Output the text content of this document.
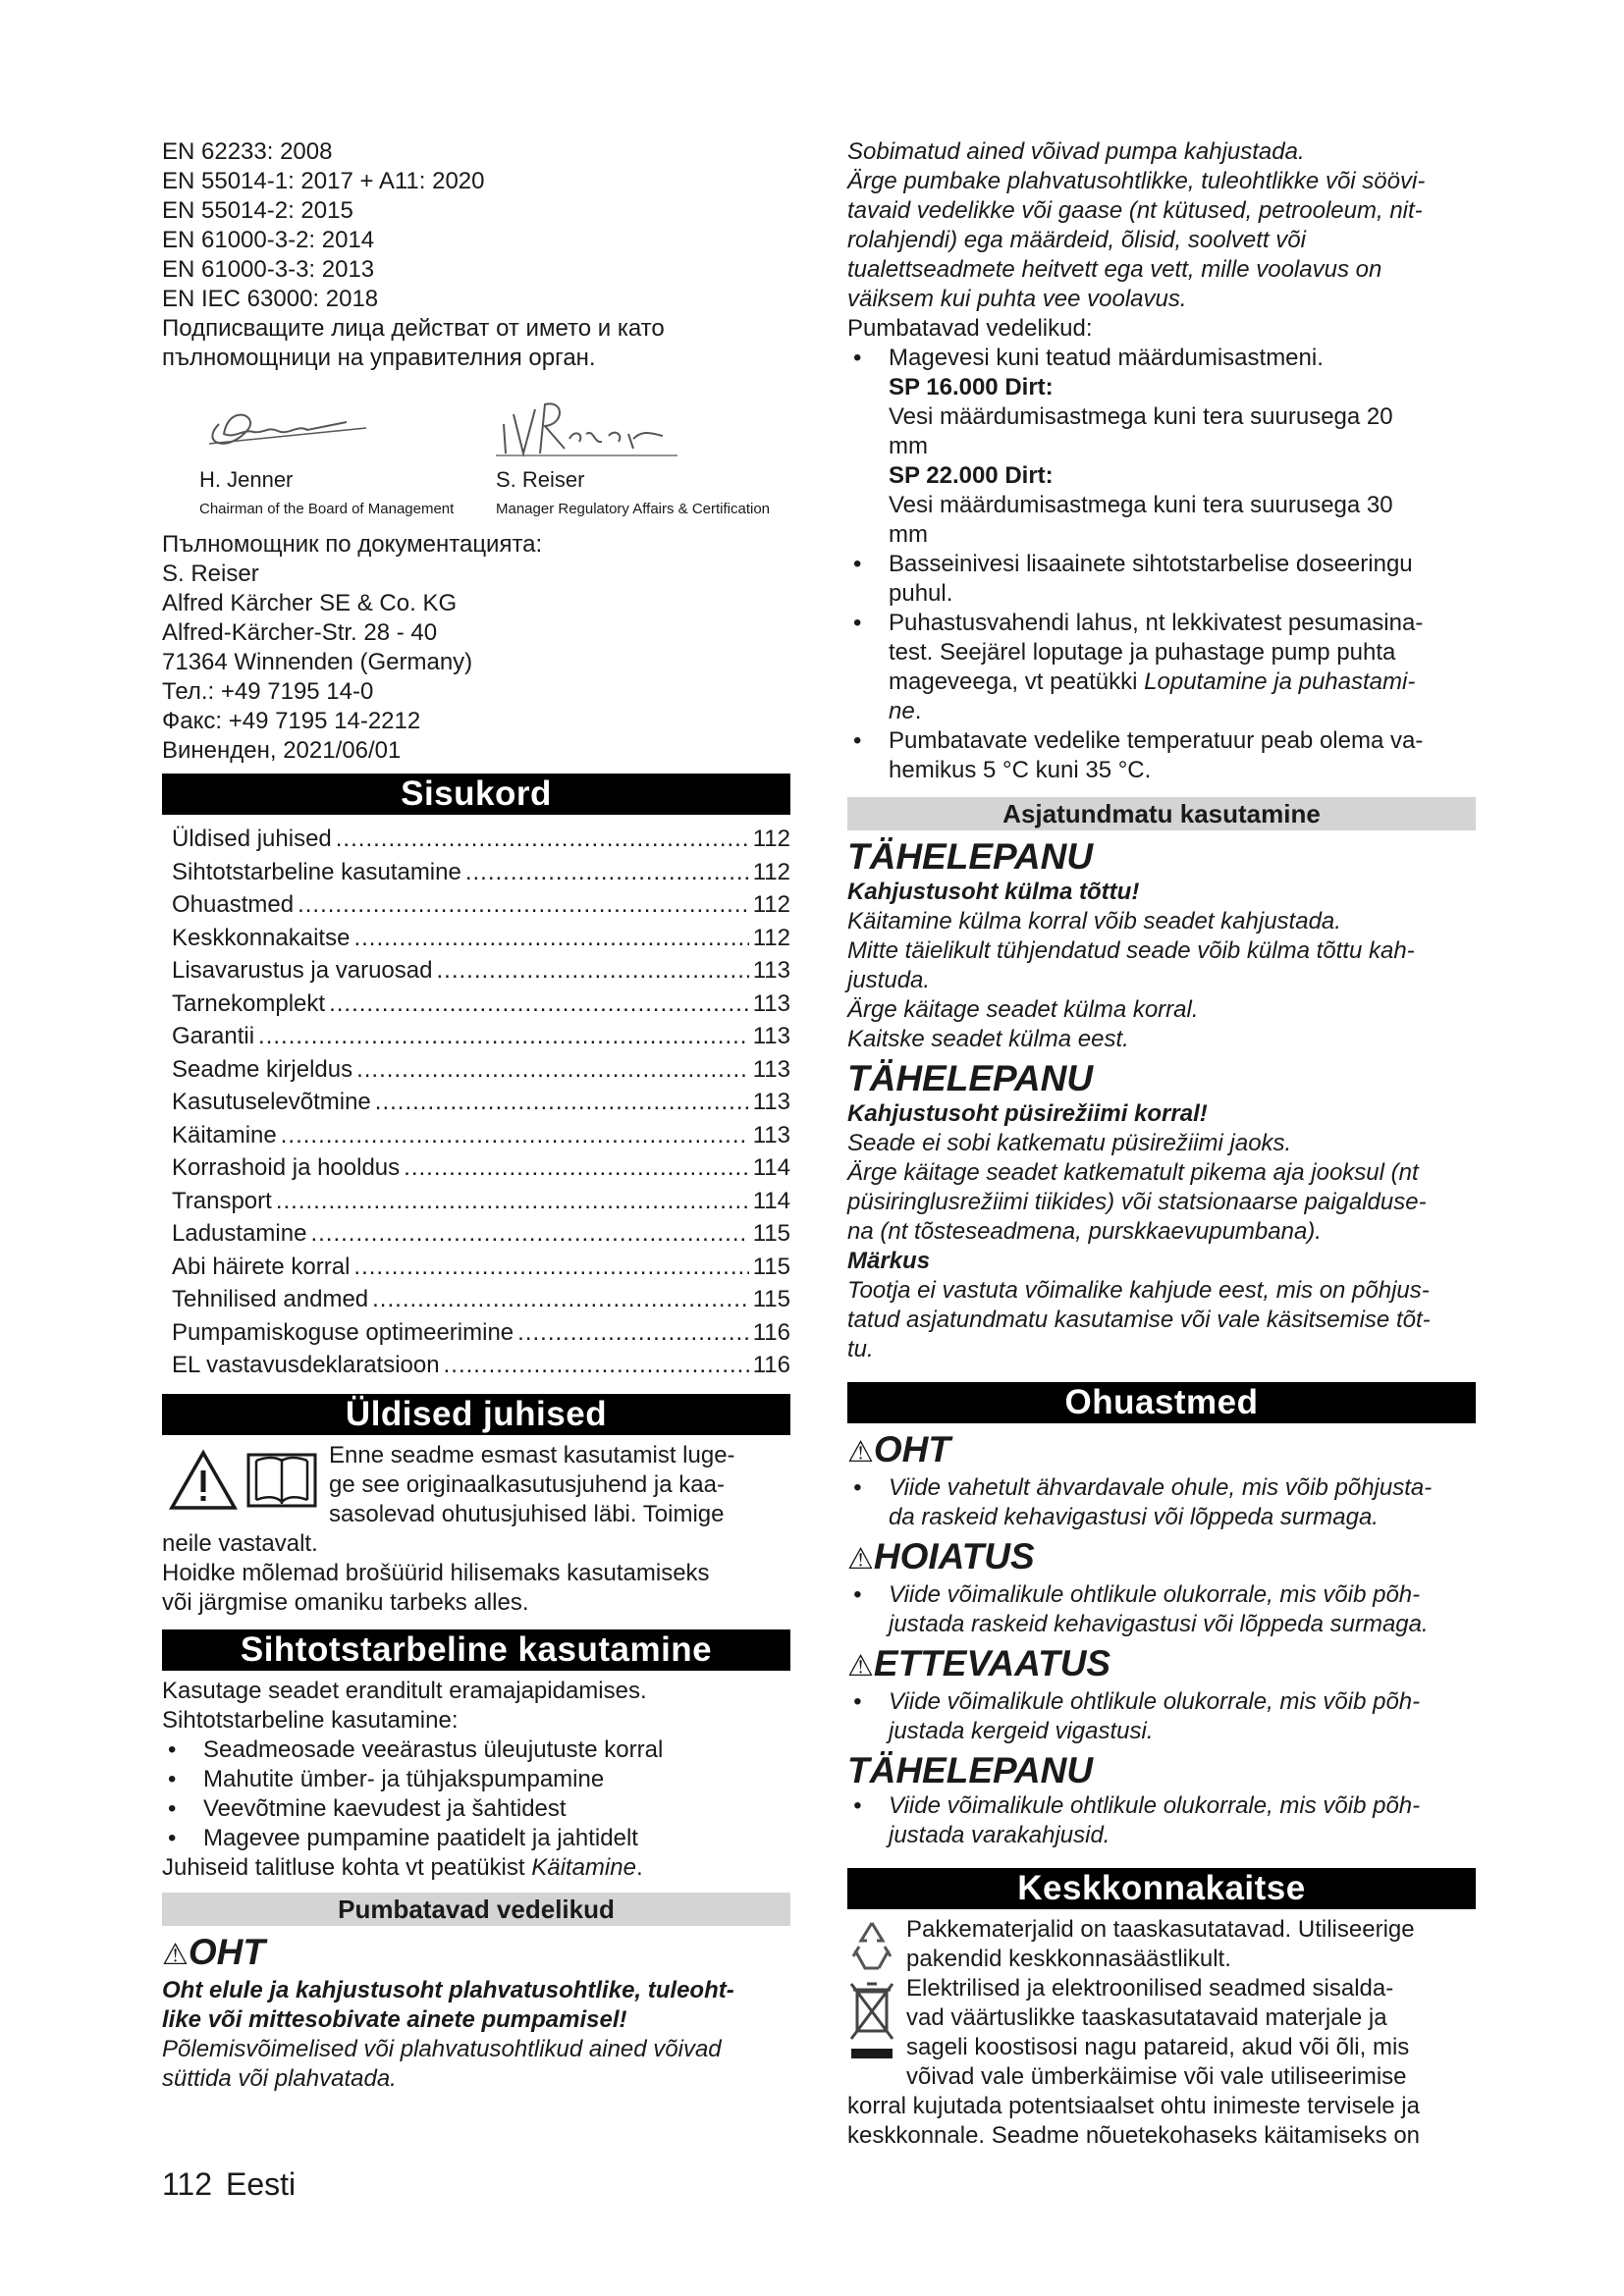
EN 62233: 2008

EN 55014-1: 2017 + A11: 2020

EN 55014-2: 2015

EN 61000-3-2: 2014

EN 61000-3-3: 2013

EN IEC 63000: 2018

Подписващите лица действат от името и като

пълномощници на управителния орган.

H. Jenner
Chairman of the Board of Management
S. Reiser
Manager Regulatory Affairs & Certification

Пълномощник по документацията:

S. Reiser

Alfred Kärcher SE & Co. KG

Alfred-Kärcher-Str. 28 - 40

71364 Winnenden (Germany)

Тел.: +49 7195 14-0

Факс: +49 7195 14-2212

Виненден, 2021/06/01

Sisukord
Üldised juhised .....	112
Sihtotstarbeline kasutamine .....	112
Ohuastmed .....	112
Keskkonnakaitse .....	112
Lisavarustus ja varuosad .....	113
Tarnekomplekt .....	113
Garantii .....	113
Seadme kirjeldus .....	113
Kasutuselevõtmine .....	113
Käitamine .....	113
Korrashoid ja hooldus .....	114
Transport .....	114
Ladustamine .....	115
Abi häirete korral .....	115
Tehnilised andmed .....	115
Pumpamiskoguse optimeerimine .....	116
EL vastavusdeklaratsioon .....	116
Üldised juhised

Enne seadme esmast kasutamist luge-

ge see originaalkasutusjuhend ja kaa-

sasolevad ohutusjuhised läbi. Toimige

neile vastavalt.

Hoidke mõlemad brošüürid hilisemaks kasutamiseks

või järgmise omaniku tarbeks alles.

Sihtotstarbeline kasutamine

Kasutage seadet eranditult eramajapidamises.

Sihtotstarbeline kasutamine:

• Seadmeosade veeärastus üleujutuste korral

• Mahutite ümber- ja tühjakspumpamine

• Veevõtmine kaevudest ja šahtidest

• Magevee pumpamine paatidelt ja jahtidelt

Juhiseid talitluse kohta vt peatükist Käitamine.

Pumbatavad vedelikud
⚠OHT

Oht elule ja kahjustusoht plahvatusohtlike, tuleoht-

like või mittesobivate ainete pumpamisel!

Põlemisvõimelised või plahvatusohtlikud ained võivad

süttida või plahvatada.

Sobimatud ained võivad pumpa kahjustada.

Ärge pumbake plahvatusohtlikke, tuleohtlikke või söövi-

tavaid vedelikke või gaase (nt kütused, petrooleum, nit-

rolahjendi) ega määrdeid, õlisid, soolvett või

tualettseadmete heitvett ega vett, mille voolavus on

väiksem kui puhta vee voolavus.

Pumbatavad vedelikud:

• Magevesi kuni teatud määrdumisastmeni.

SP 16.000 Dirt:

Vesi määrdumisastmega kuni tera suurusega 20

mm

SP 22.000 Dirt:

Vesi määrdumisastmega kuni tera suurusega 30

mm

• Basseinivesi lisaainete sihtotstarbelise doseeringu

puhul.

• Puhastusvahendi lahus, nt lekkivatest pesumasina-

test. Seejärel loputage ja puhastage pump puhta

mageveega, vt peatükki Loputamine ja puhastami-

ne.

• Pumbatavate vedelike temperatuur peab olema va-

hemikus 5 °C kuni 35 °C.

Asjatundmatu kasutamine
TÄHELEPANU

Kahjustusoht külma tõttu!

Käitamine külma korral võib seadet kahjustada.

Mitte täielikult tühjendatud seade võib külma tõttu kah-

justuda.

Ärge käitage seadet külma korral.

Kaitske seadet külma eest.

TÄHELEPANU

Kahjustusoht püsirežiimi korral!

Seade ei sobi katkematu püsirežiimi jaoks.

Ärge käitage seadet katkematult pikema aja jooksul (nt

püsiringlusrežiimi tiikides) või statsionaarse paigalduse-

na (nt tõsteseadmena, purskkaevupumbana).

Märkus

Tootja ei vastuta võimalike kahjude eest, mis on põhjus-

tatud asjatundmatu kasutamise või vale käsitsemise tõt-

tu.

Ohuastmed
⚠OHT

• Viide vahetult ähvardavale ohule, mis võib põhjusta-

da raskeid kehavigastusi või lõppeda surmaga.

⚠HOIATUS

• Viide võimalikule ohtlikule olukorrale, mis võib põh-

justada raskeid kehavigastusi või lõppeda surmaga.

⚠ETTEVAATUS

• Viide võimalikule ohtlikule olukorrale, mis võib põh-

justada kergeid vigastusi.

TÄHELEPANU

• Viide võimalikule ohtlikule olukorrale, mis võib põh-

justada varakahjusid.

Keskkonnakaitse

Pakkematerjalid on taaskasutatavad. Utiliseerige

pakendid keskkonnasäästlikult.

Elektrilised ja elektroonilised seadmed sisalda-

vad väärtuslikke taaskasutatavaid materjale ja

sageli koostisosi nagu patareid, akud või õli, mis

võivad vale ümberkäimise või vale utiliseerimise

korral kujutada potentsiaalset ohtu inimeste tervisele ja

keskkonnale. Seadme nõuetekohaseks käitamiseks on

112 Eesti
